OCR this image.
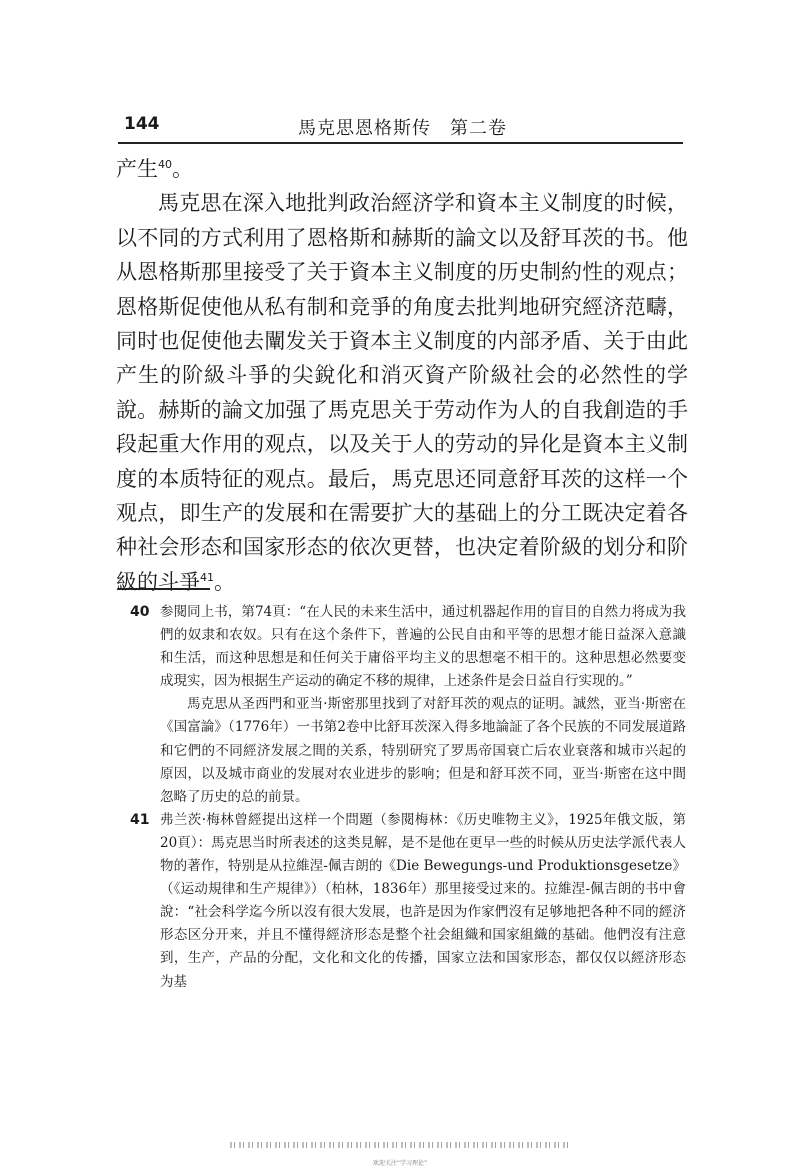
144	馬克思恩格斯传　第二卷

产生$^{40}$。

馬克思在深入地批判政治經济学和資本主义制度的时候，以不同的方式利用了恩格斯和赫斯的論文以及舒耳茨的书。他从恩格斯那里接受了关于資本主义制度的历史制約性的观点；恩格斯促使他从私有制和竞爭的角度去批判地研究經济范疇，同时也促使他去闡发关于資本主义制度的内部矛盾、关于由此产生的阶級斗爭的尖銳化和消灭資产阶級社会的必然性的学說。赫斯的論文加强了馬克思关于劳动作为人的自我創造的手段起重大作用的观点，以及关于人的劳动的异化是資本主义制度的本质特征的观点。最后，馬克思还同意舒耳茨的这样一个观点，即生产的发展和在需要扩大的基础上的分工既决定着各种社会形态和国家形态的依次更替，也决定着阶級的划分和阶級的斗爭$^{41}$。

40 参閱同上书，第74頁：“在人民的未来生活中，通过机器起作用的盲目的自然力将成为我們的奴隶和农奴。只有在这个条件下，普遍的公民自由和平等的思想才能日益深入意識和生活，而这种思想是和任何关于庸俗平均主义的思想毫不相干的。这种思想必然要变成現实，因为根据生产运动的确定不移的規律，上述条件是会日益自行实现的。”

馬克思从圣西門和亚当·斯密那里找到了对舒耳茨的观点的证明。誠然，亚当·斯密在《国富論》（1776年）一书第2卷中比舒耳茨深入得多地論証了各个民族的不同发展道路和它們的不同經济发展之間的关系，特别研究了罗馬帝国衰亡后农业衰落和城市兴起的原因，以及城市商业的发展对农业进步的影响；但是和舒耳茨不同，亚当·斯密在这中間忽略了历史的总的前景。

41 弗兰茨·梅林曾經提出这样一个問題（参閱梅林：《历史唯物主义》，1925年俄文版，第20頁）：馬克思当时所表述的这类見解，是不是他在更早一些的时候从历史法学派代表人物的著作，特别是从拉維涅-佩吉朗的《Die Bewegungs-und Produktionsgesetze》（《运动規律和生产規律》）（柏林，1836年）那里接受过来的。拉維涅-佩吉朗的书中會說：“社会科学迄今所以沒有很大发展，也許是因为作家們沒有足够地把各种不同的經济形态区分开来，并且不懂得經济形态是整个社会組織和国家組織的基础。他們沒有注意到，生产，产品的分配，文化和文化的传播，国家立法和国家形态，都仅仅以經济形态为基

欢迎关注“学习理论”
